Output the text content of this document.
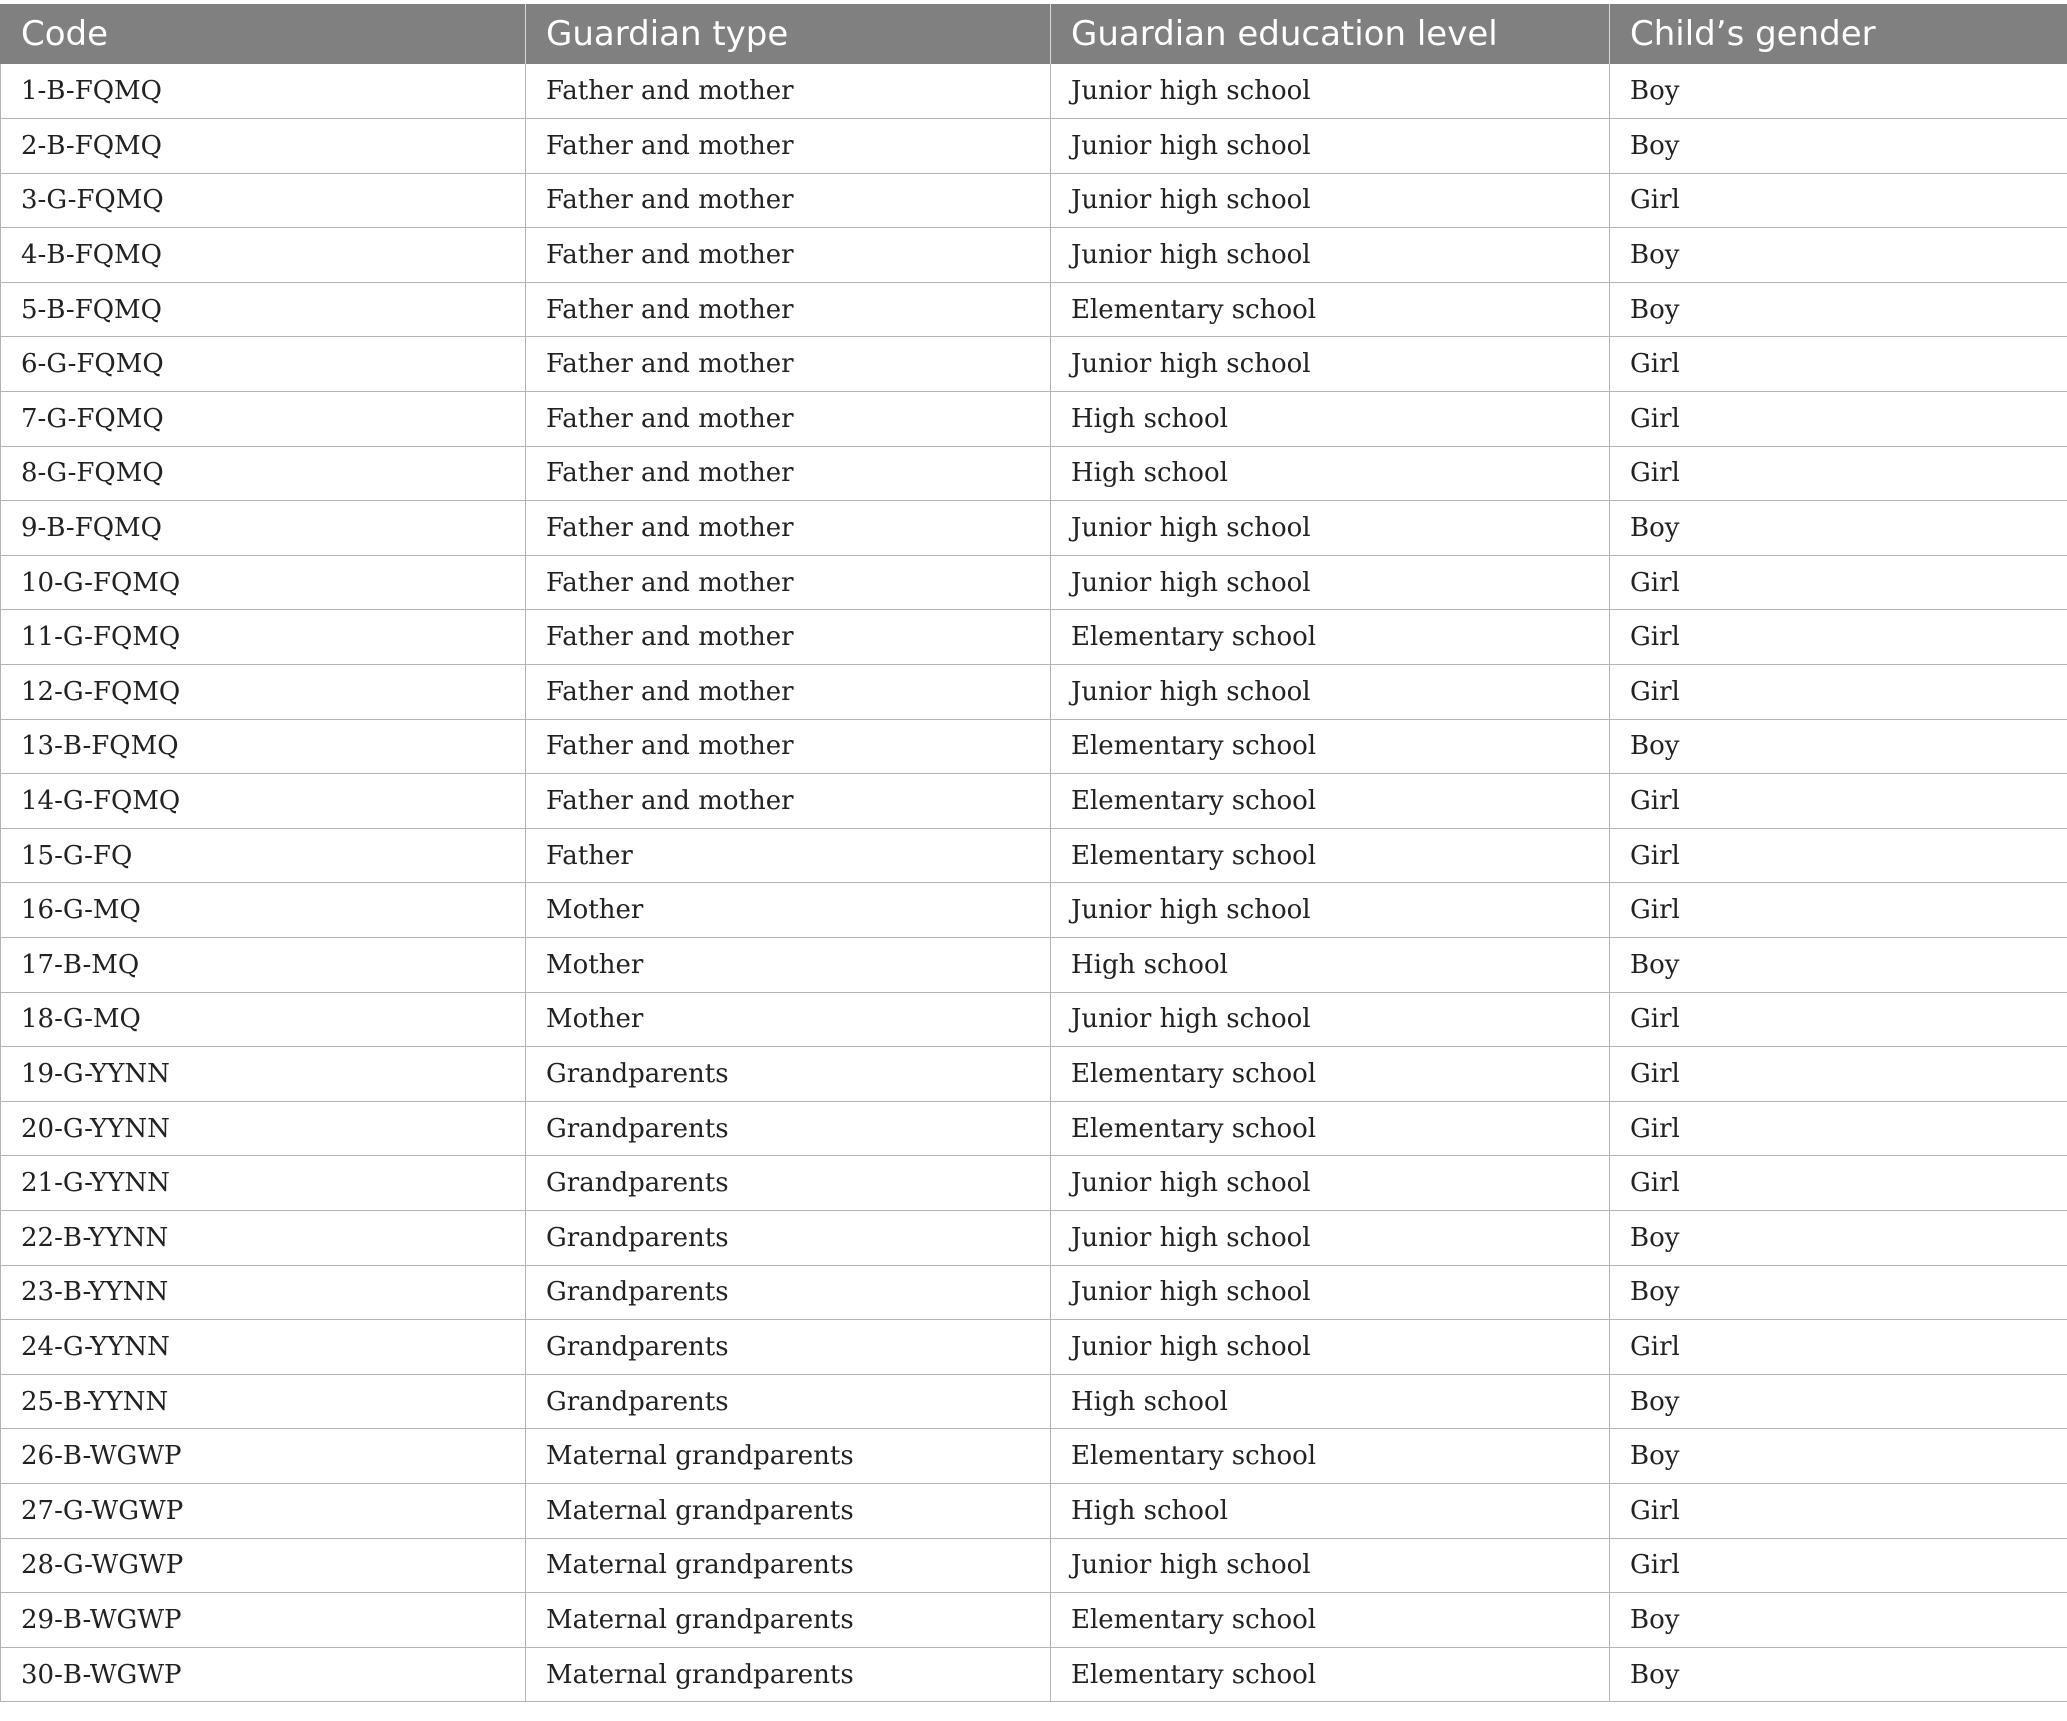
Code	Guardian type	Guardian education level	Child’s gender
1-B-FQMQ	Father and mother	Junior high school	Boy
2-B-FQMQ	Father and mother	Junior high school	Boy
3-G-FQMQ	Father and mother	Junior high school	Girl
4-B-FQMQ	Father and mother	Junior high school	Boy
5-B-FQMQ	Father and mother	Elementary school	Boy
6-G-FQMQ	Father and mother	Junior high school	Girl
7-G-FQMQ	Father and mother	High school	Girl
8-G-FQMQ	Father and mother	High school	Girl
9-B-FQMQ	Father and mother	Junior high school	Boy
10-G-FQMQ	Father and mother	Junior high school	Girl
11-G-FQMQ	Father and mother	Elementary school	Girl
12-G-FQMQ	Father and mother	Junior high school	Girl
13-B-FQMQ	Father and mother	Elementary school	Boy
14-G-FQMQ	Father and mother	Elementary school	Girl
15-G-FQ	Father	Elementary school	Girl
16-G-MQ	Mother	Junior high school	Girl
17-B-MQ	Mother	High school	Boy
18-G-MQ	Mother	Junior high school	Girl
19-G-YYNN	Grandparents	Elementary school	Girl
20-G-YYNN	Grandparents	Elementary school	Girl
21-G-YYNN	Grandparents	Junior high school	Girl
22-B-YYNN	Grandparents	Junior high school	Boy
23-B-YYNN	Grandparents	Junior high school	Boy
24-G-YYNN	Grandparents	Junior high school	Girl
25-B-YYNN	Grandparents	High school	Boy
26-B-WGWP	Maternal grandparents	Elementary school	Boy
27-G-WGWP	Maternal grandparents	High school	Girl
28-G-WGWP	Maternal grandparents	Junior high school	Girl
29-B-WGWP	Maternal grandparents	Elementary school	Boy
30-B-WGWP	Maternal grandparents	Elementary school	Boy
